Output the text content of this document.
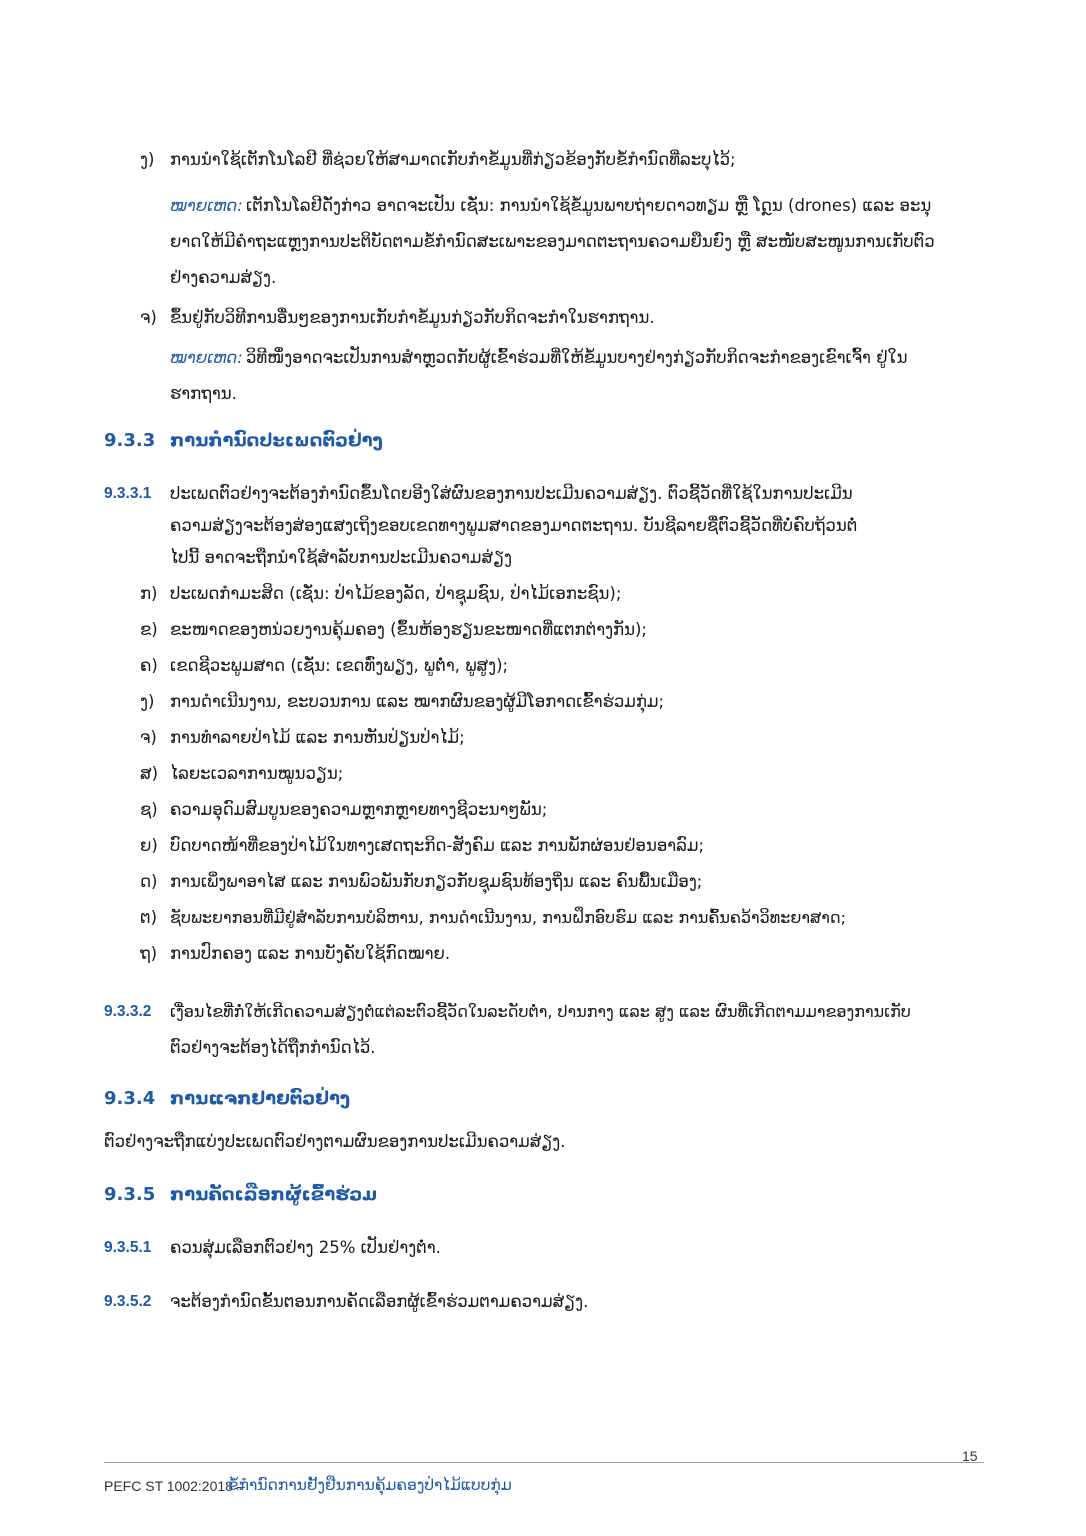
ງ) ການນຳໃຊ້ເຕັກໂນໂລຢີ ທີ່ຊ່ວຍໃຫ້ສາມາດເກັບກຳຂໍ້ມູນທີ່ກ່ຽວຂ້ອງກັບຂໍ້ກຳນົດທີ່ລະບຸໄວ້;
ໝາຍເຫດ: ເຕັກໂນໂລຢີດັ່ງກ່າວ ອາດຈະເປັນ ເຊັ່ນ: ການນຳໃຊ້ຂໍ້ມູນພາບຖ່າຍດາວທຽມ ຫຼື ໂດຼນ (drones) ແລະ ອະນຸ
ຍາດໃຫ້ມີຄຳຖະແຫຼງການປະຕິບັດຕາມຂໍ້ກຳນົດສະເພາະຂອງມາດຕະຖານຄວາມຍືນຍົງ ຫຼື ສະໜັບສະໜູນການເກັບຕົວ
ຢ່າງຄວາມສ່ຽງ.
ຈ) ຂຶ້ນຢູ່ກັບວິທີການອື່ນໆຂອງການເກັບກຳຂໍ້ມູນກ່ຽວກັບກິດຈະກຳໃນຮາກຖານ.
ໝາຍເຫດ: ວິທີໜຶ່ງອາດຈະເປັນການສຳຫຼວດກັບຜູ້ເຂົ້າຮ່ວມທີ່ໃຫ້ຂໍ້ມູນບາງຢ່າງກ່ຽວກັບກິດຈະກຳຂອງເຂົາເຈົ້າ ຢູ່ໃນ
ຮາກຖານ.
9.3.3 ການກຳນົດປະເພດຕົວຢ່າງ
9.3.3.1 ປະເພດຕົວຢ່າງຈະຕ້ອງກຳນົດຂຶ້ນໂດຍອີງໃສ່ຜົນຂອງການປະເມີນຄວາມສ່ຽງ. ຕົວຊີ້ວັດທີ່ໃຊ້ໃນການປະເມີນ
ຄວາມສ່ຽງຈະຕ້ອງສ່ອງແສງເຖິງຂອບເຂດທາງພູມສາດຂອງມາດຕະຖານ. ບັນຊີລາຍຊື່ຕົວຊີ້ວັດທີ່ບໍ່ຄົບຖ້ວນຕໍ່
ໄປນີ້ ອາດຈະຖືກນຳໃຊ້ສຳລັບການປະເມີນຄວາມສ່ຽງ
ກ) ປະເພດກຳມະສິດ (ເຊັ່ນ: ປ່າໄມ້ຂອງລັດ, ປ່າຊຸມຊົນ, ປ່າໄມ້ເອກະຊົນ);
ຂ) ຂະໜາດຂອງຫນ່ວຍງານຄຸ້ມຄອງ (ຂຶ້ນຫ້ອງຮຽນຂະໜາດທີ່ແຕກຕ່າງກັນ);
ຄ) ເຂດຊີວະພູມສາດ (ເຊັ່ນ: ເຂດທົ່ງພຽງ, ພູຕ່ຳ, ພູສູງ);
ງ) ການດຳເນີນງານ, ຂະບວນການ ແລະ ໝາກຜົນຂອງຜູ້ມີໂອກາດເຂົ້າຮ່ວມກຸ່ມ;
ຈ) ການທຳລາຍປ່າໄມ້ ແລະ ການຫັນປ່ຽນປ່າໄມ້;
ສ) ໄລຍະເວລາການໝູນວຽນ;
ຊ) ຄວາມອຸດົມສົມບູນຂອງຄວາມຫຼາກຫຼາຍທາງຊີວະນາໆພັນ;
ຍ) ບົດບາດໜ້າທີ່ຂອງປ່າໄມ້ໃນທາງເສດຖະກິດ-ສັງຄົມ ແລະ ການພັກຜ່ອນຢ່ອນອາລົມ;
ດ) ການເພິ່ງພາອາໄສ ແລະ ການພົວພັນກັບກຽວກັບຊຸມຊົນທ້ອງຖິ່ນ ແລະ ຄົນພື້ນເມືອງ;
ຕ) ຊັບພະຍາກອນທີ່ມີຢູ່ສຳລັບການບໍລິຫານ, ການດຳເນີນງານ, ການຝຶກອົບຮົມ ແລະ ການຄົ້ນຄວ້າວິທະຍາສາດ;
ຖ) ການປົກຄອງ ແລະ ການບັງຄັບໃຊ້ກົດໝາຍ.
9.3.3.2 ເງື່ອນໄຂທີ່ກໍ່ໃຫ້ເກີດຄວາມສ່ຽງຕໍ່ແຕ່ລະຕົວຊີ້ວັດໃນລະດັບຕ່ຳ, ປານກາງ ແລະ ສູງ ແລະ ຜົນທີ່ເກີດຕາມມາຂອງການເກັບ
ຕົວຢ່າງຈະຕ້ອງໄດ້ຖືກກຳນົດໄວ້.
9.3.4 ການແຈກຢາຍຕົວຢ່າງ
ຕົວຢ່າງຈະຖືກແບ່ງປະເພດຕົວຢ່າງຕາມຜົນຂອງການປະເມີນຄວາມສ່ຽງ.
9.3.5 ການຄັດເລືອກຜູ້ເຂົ້າຮ່ວມ
9.3.5.1 ຄວນສຸ່ມເລືອກຕົວຢ່າງ 25% ເປັນຢ່າງຕ່ຳ.
9.3.5.2 ຈະຕ້ອງກຳນົດຂັ້ນຕອນການຄັດເລືອກຜູ້ເຂົ້າຮ່ວມຕາມຄວາມສ່ຽງ.
PEFC ST 1002:2018 –
ຂໍ້ກຳນົດການຢັ້ງຢືນການຄຸ້ມຄອງປ່າໄມ້ແບບກຸ່ມ
15
